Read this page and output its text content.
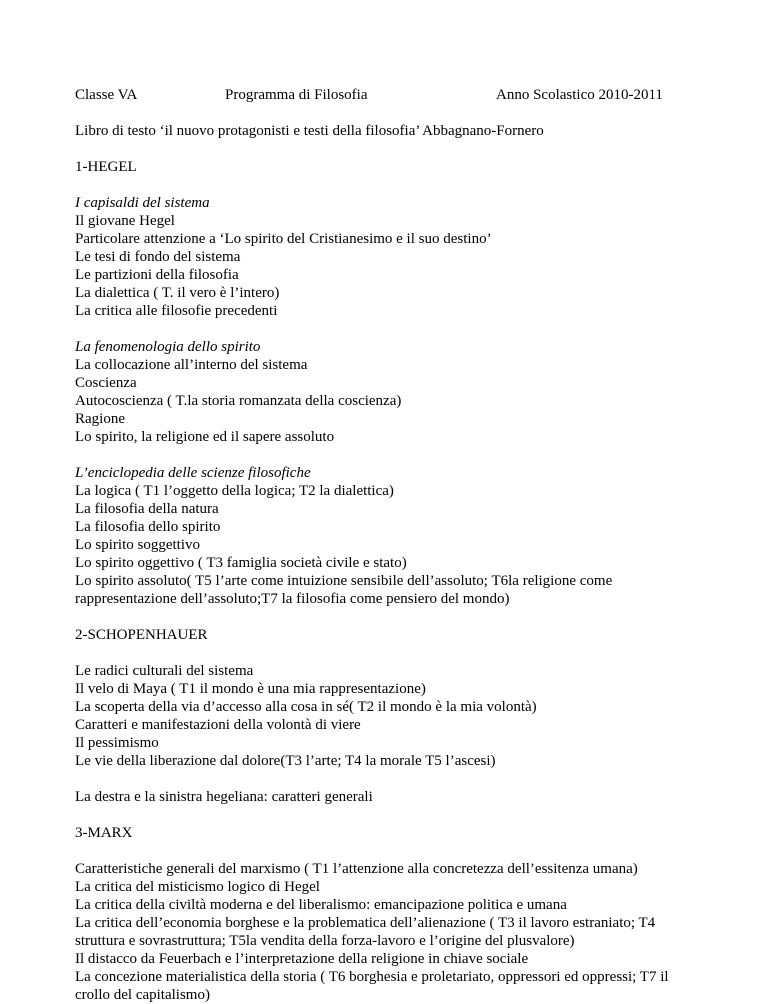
Classe VA	Programma di Filosofia	Anno Scolastico 2010-2011
Libro di testo ‘il nuovo protagonisti e testi della filosofia’ Abbagnano-Fornero
1-HEGEL
I capisaldi del sistema
Il giovane Hegel
Particolare attenzione a ‘Lo spirito del Cristianesimo e il suo destino’
Le tesi di fondo del sistema
Le partizioni della filosofia
La dialettica ( T. il vero è l’intero)
La critica alle filosofie precedenti
La fenomenologia dello spirito
La collocazione all’interno del sistema
Coscienza
Autocoscienza ( T.la storia romanzata della coscienza)
Ragione
Lo spirito, la religione ed il sapere assoluto
L’enciclopedia delle scienze filosofiche
La logica ( T1 l’oggetto della logica; T2 la dialettica)
La filosofia della natura
La filosofia dello spirito
Lo spirito soggettivo
Lo spirito oggettivo ( T3 famiglia società civile e stato)
Lo spirito assoluto( T5 l’arte come intuizione sensibile dell’assoluto; T6la religione come
rappresentazione dell’assoluto;T7 la filosofia come pensiero del mondo)
2-SCHOPENHAUER
Le radici culturali del sistema
Il velo di Maya ( T1 il mondo è una mia rappresentazione)
La scoperta della via d’accesso alla cosa in sé( T2 il mondo è la mia volontà)
Caratteri e manifestazioni della volontà di viere
Il pessimismo
Le vie della liberazione dal dolore(T3 l’arte; T4 la morale T5 l’ascesi)
La destra e la sinistra hegeliana: caratteri generali
3-MARX
Caratteristiche generali del marxismo ( T1 l’attenzione alla concretezza dell’essitenza umana)
La critica del misticismo logico di Hegel
La critica della civiltà moderna e del liberalismo: emancipazione politica e umana
La critica dell’economia borghese e la problematica dell’alienazione ( T3 il lavoro estraniato; T4
struttura e sovrastruttura; T5la vendita della forza-lavoro e l’origine del plusvalore)
Il distacco da Feuerbach e l’interpretazione della religione in chiave sociale
La concezione materialistica della storia ( T6 borghesia e proletariato, oppressori ed oppressi; T7 il
crollo del capitalismo)
